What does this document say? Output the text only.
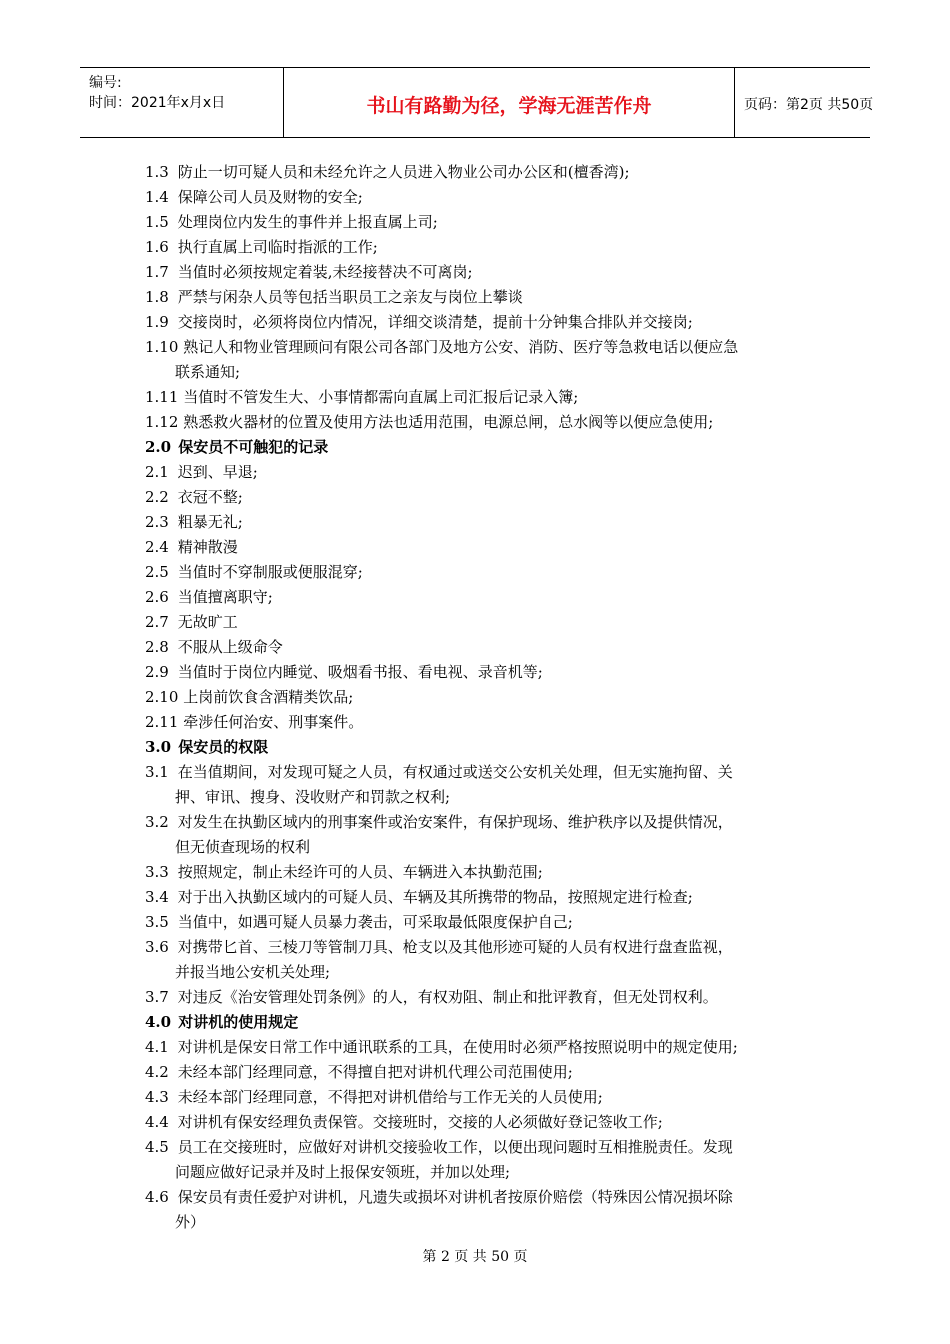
编号:
时间：2021年x月x日	书山有路勤为径，学海无涯苦作舟	页码：第2页 共50页
1.3 防止一切可疑人员和未经允许之人员进入物业公司办公区和(檀香湾);
1.4 保障公司人员及财物的安全;
1.5 处理岗位内发生的事件并上报直属上司;
1.6 执行直属上司临时指派的工作;
1.7 当值时必须按规定着装,未经接替决不可离岗;
1.8 严禁与闲杂人员等包括当职员工之亲友与岗位上攀谈
1.9 交接岗时，必须将岗位内情况，详细交谈清楚，提前十分钟集合排队并交接岗;
1.10 熟记人和物业管理顾问有限公司各部门及地方公安、消防、医疗等急救电话以便应急
联系通知;
1.11 当值时不管发生大、小事情都需向直属上司汇报后记录入簿;
1.12 熟悉救火器材的位置及使用方法也适用范围，电源总闸，总水阀等以便应急使用;
2.0 保安员不可触犯的记录
2.1 迟到、早退;
2.2 衣冠不整;
2.3 粗暴无礼;
2.4 精神散漫
2.5 当值时不穿制服或便服混穿;
2.6 当值擅离职守;
2.7 无故旷工
2.8 不服从上级命令
2.9 当值时于岗位内睡觉、吸烟看书报、看电视、录音机等;
2.10 上岗前饮食含酒精类饮品;
2.11 牵涉任何治安、刑事案件。
3.0 保安员的权限
3.1 在当值期间，对发现可疑之人员，有权通过或送交公安机关处理，但无实施拘留、关
押、审讯、搜身、没收财产和罚款之权利;
3.2 对发生在执勤区域内的刑事案件或治安案件，有保护现场、维护秩序以及提供情况，
但无侦查现场的权利
3.3 按照规定，制止未经许可的人员、车辆进入本执勤范围;
3.4 对于出入执勤区域内的可疑人员、车辆及其所携带的物品，按照规定进行检查;
3.5 当值中，如遇可疑人员暴力袭击，可采取最低限度保护自己;
3.6 对携带匕首、三棱刀等管制刀具、枪支以及其他形迹可疑的人员有权进行盘查监视，
并报当地公安机关处理;
3.7 对违反《治安管理处罚条例》的人，有权劝阻、制止和批评教育，但无处罚权利。
4.0 对讲机的使用规定
4.1 对讲机是保安日常工作中通讯联系的工具，在使用时必须严格按照说明中的规定使用;
4.2 未经本部门经理同意，不得擅自把对讲机代理公司范围使用;
4.3 未经本部门经理同意，不得把对讲机借给与工作无关的人员使用;
4.4 对讲机有保安经理负责保管。交接班时，交接的人必须做好登记签收工作;
4.5 员工在交接班时，应做好对讲机交接验收工作，以便出现问题时互相推脱责任。发现
问题应做好记录并及时上报保安领班，并加以处理;
4.6 保安员有责任爱护对讲机，凡遗失或损坏对讲机者按原价赔偿（特殊因公情况损坏除
外）
第 2 页 共 50 页
